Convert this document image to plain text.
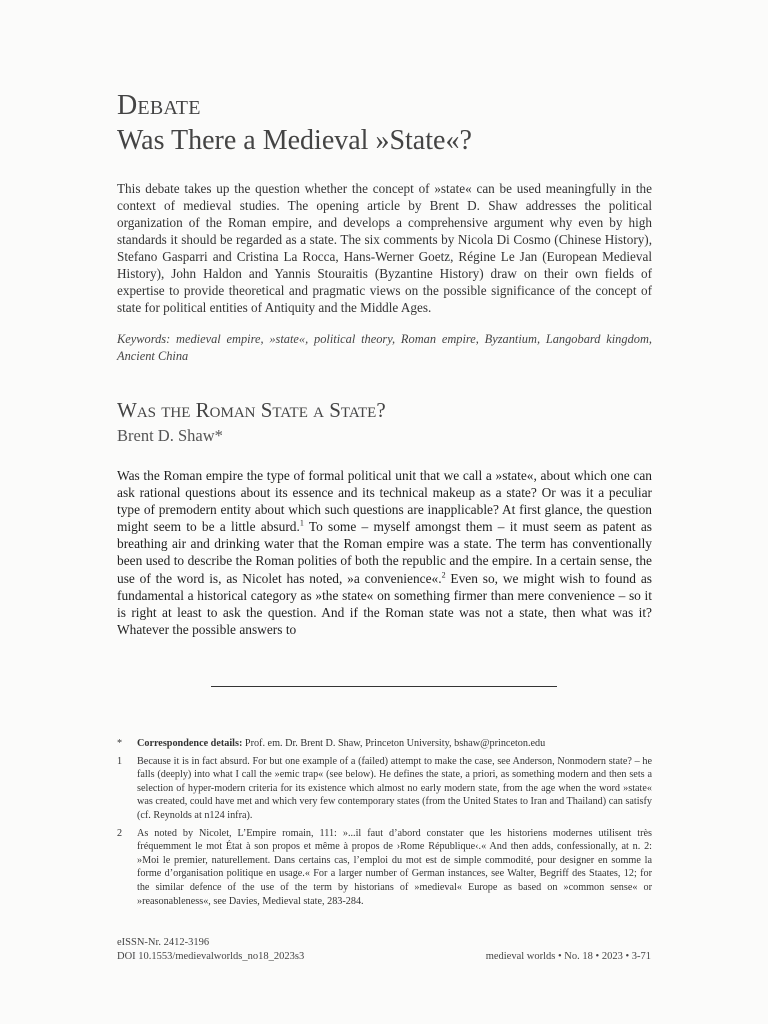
Debate
Was There a Medieval »State«?
This debate takes up the question whether the concept of »state« can be used meaningfully in the context of medieval studies. The opening article by Brent D. Shaw addresses the political organization of the Roman empire, and develops a comprehensive argument why even by high standards it should be regarded as a state. The six comments by Nicola Di Cosmo (Chinese History), Stefano Gasparri and Cristina La Rocca, Hans-Werner Goetz, Régine Le Jan (European Medieval History), John Haldon and Yannis Stouraitis (Byzantine History) draw on their own fields of expertise to provide theoretical and pragmatic views on the possible significance of the concept of state for political entities of Antiquity and the Middle Ages.
Keywords: medieval empire, »state«, political theory, Roman empire, Byzantium, Langobard kingdom, Ancient China
Was the Roman State a State?
Brent D. Shaw*
Was the Roman empire the type of formal political unit that we call a »state«, about which one can ask rational questions about its essence and its technical makeup as a state? Or was it a peculiar type of premodern entity about which such questions are inapplicable? At first glance, the question might seem to be a little absurd.$^1$ To some – myself amongst them – it must seem as patent as breathing air and drinking water that the Roman empire was a state. The term has conventionally been used to describe the Roman polities of both the republic and the empire. In a certain sense, the use of the word is, as Nicolet has noted, »a convenience«.$^2$ Even so, we might wish to found as fundamental a historical category as »the state« on something firmer than mere convenience – so it is right at least to ask the question. And if the Roman state was not a state, then what was it? Whatever the possible answers to
* Correspondence details: Prof. em. Dr. Brent D. Shaw, Princeton University, bshaw@princeton.edu
1 Because it is in fact absurd. For but one example of a (failed) attempt to make the case, see Anderson, Nonmodern state? – he falls (deeply) into what I call the »emic trap« (see below). He defines the state, a priori, as something modern and then sets a selection of hyper-modern criteria for its existence which almost no early modern state, from the age when the word »state« was created, could have met and which very few contemporary states (from the United States to Iran and Thailand) can satisfy (cf. Reynolds at n124 infra).
2 As noted by Nicolet, L’Empire romain, 111: »...il faut d’abord constater que les historiens modernes utilisent très fréquemment le mot État à son propos et même à propos de ›Rome République‹.« And then adds, confessionally, at n. 2: »Moi le premier, naturellement. Dans certains cas, l’emploi du mot est de simple commodité, pour designer en somme la forme d’organisation politique en usage.« For a larger number of German instances, see Walter, Begriff des Staates, 12; for the similar defence of the use of the term by historians of »medieval« Europe as based on »common sense« or »reasonableness«, see Davies, Medieval state, 283-284.
eISSN-Nr. 2412-3196
DOI 10.1553/medievalworlds_no18_2023s3	medieval worlds • No. 18 • 2023 • 3-71
